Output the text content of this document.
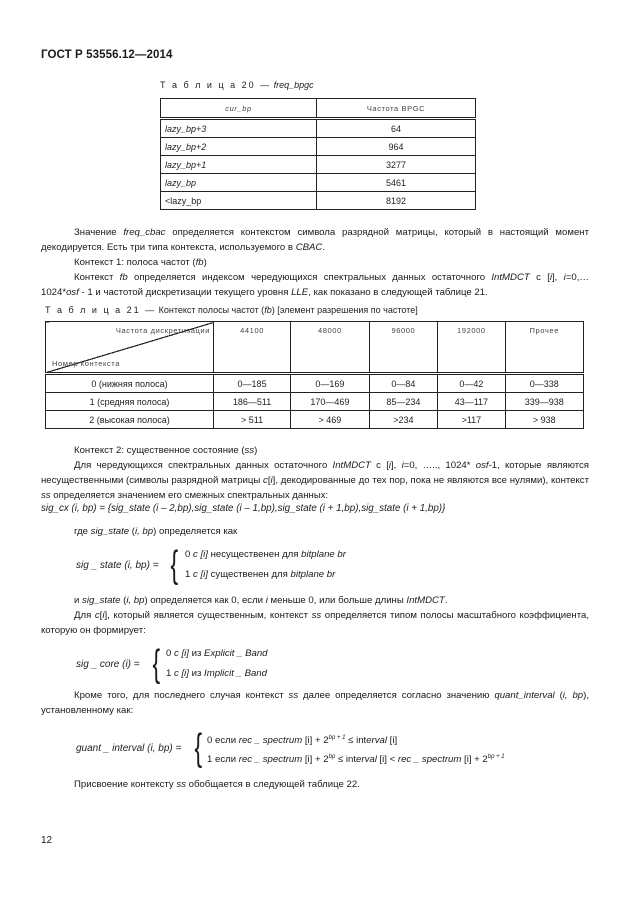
ГОСТ Р 53556.12—2014
Т а б л и ц а 20 — freq_bpgc
cur_bp	Частота BPGC
lazy_bp+3	64
lazy_bp+2	964
lazy_bp+1	3277
lazy_bp	5461
<lazy_bp	8192
Значение freq_cbac определяется контекстом символа разрядной матрицы, который в настоящий момент декодируется. Есть три типа контекста, используемого в CBAC.
Контекст 1: полоса частот (fb)
Контекст fb определяется индексом чередующихся спектральных данных остаточного IntMDCT с [i], i=0,… 1024*osf - 1 и частотой дискретизации текущего уровня LLE, как показано в следующей таблице 21.
Т а б л и ц а 21 — Контекст полосы частот (fb) [элемент разрешения по частоте]
Частота дискретизации
Номер контекста	44100	48000	96000	192000	Прочее
0 (нижняя полоса)	0—185	0—169	0—84	0—42	0—338
1 (средняя полоса)	186—511	170—469	85—234	43—117	339—938
2 (высокая полоса)	> 511	> 469	>234	>117	> 938
Контекст 2: существенное состояние (ss)
Для чередующихся спектральных данных остаточного IntMDCT с [i], i=0, ….., 1024* osf-1, которые являются несущественными (символы разрядной матрицы c[i], декодированные до тех пор, пока не являются все нулями), контекст ss определяется значением его смежных спектральных данных:
sig_cx (i, bp) = {sig_state (i – 2,bp),sig_state (i – 1,bp),sig_state (i + 1,bp),sig_state (i + 1,bp)}
где sig_state (i, bp) определяется как
sig _ state (i, bp) = { 0 c [i] несущественен для bitplane br
1 c [i] существенен для bitplane br
и sig_state (i, bp) определяется как 0, если i меньше 0, или больше длины IntMDCT.
Для c[i], который является существенным, контекст ss определяется типом полосы масштабного коэффициента, которую он формирует:
sig _ core (i) = { 0 c [i] из Explicit _ Band
1 c [i] из Implicit _ Band
Кроме того, для последнего случая контекст ss далее определяется согласно значению quant_interval (i, bp), установленному как:
guant _ interval (i, bp) = { 0 если rec _ spectrum $[i] + 2^{bp + 1}$ ≤ interval [i]
1 если rec _ spectrum $[i] + 2^{bp}$ ≤ interval [i] < rec _ spectrum $[i] + 2^{bp + 1}$
Присвоение контексту ss обобщается в следующей таблице 22.
12
